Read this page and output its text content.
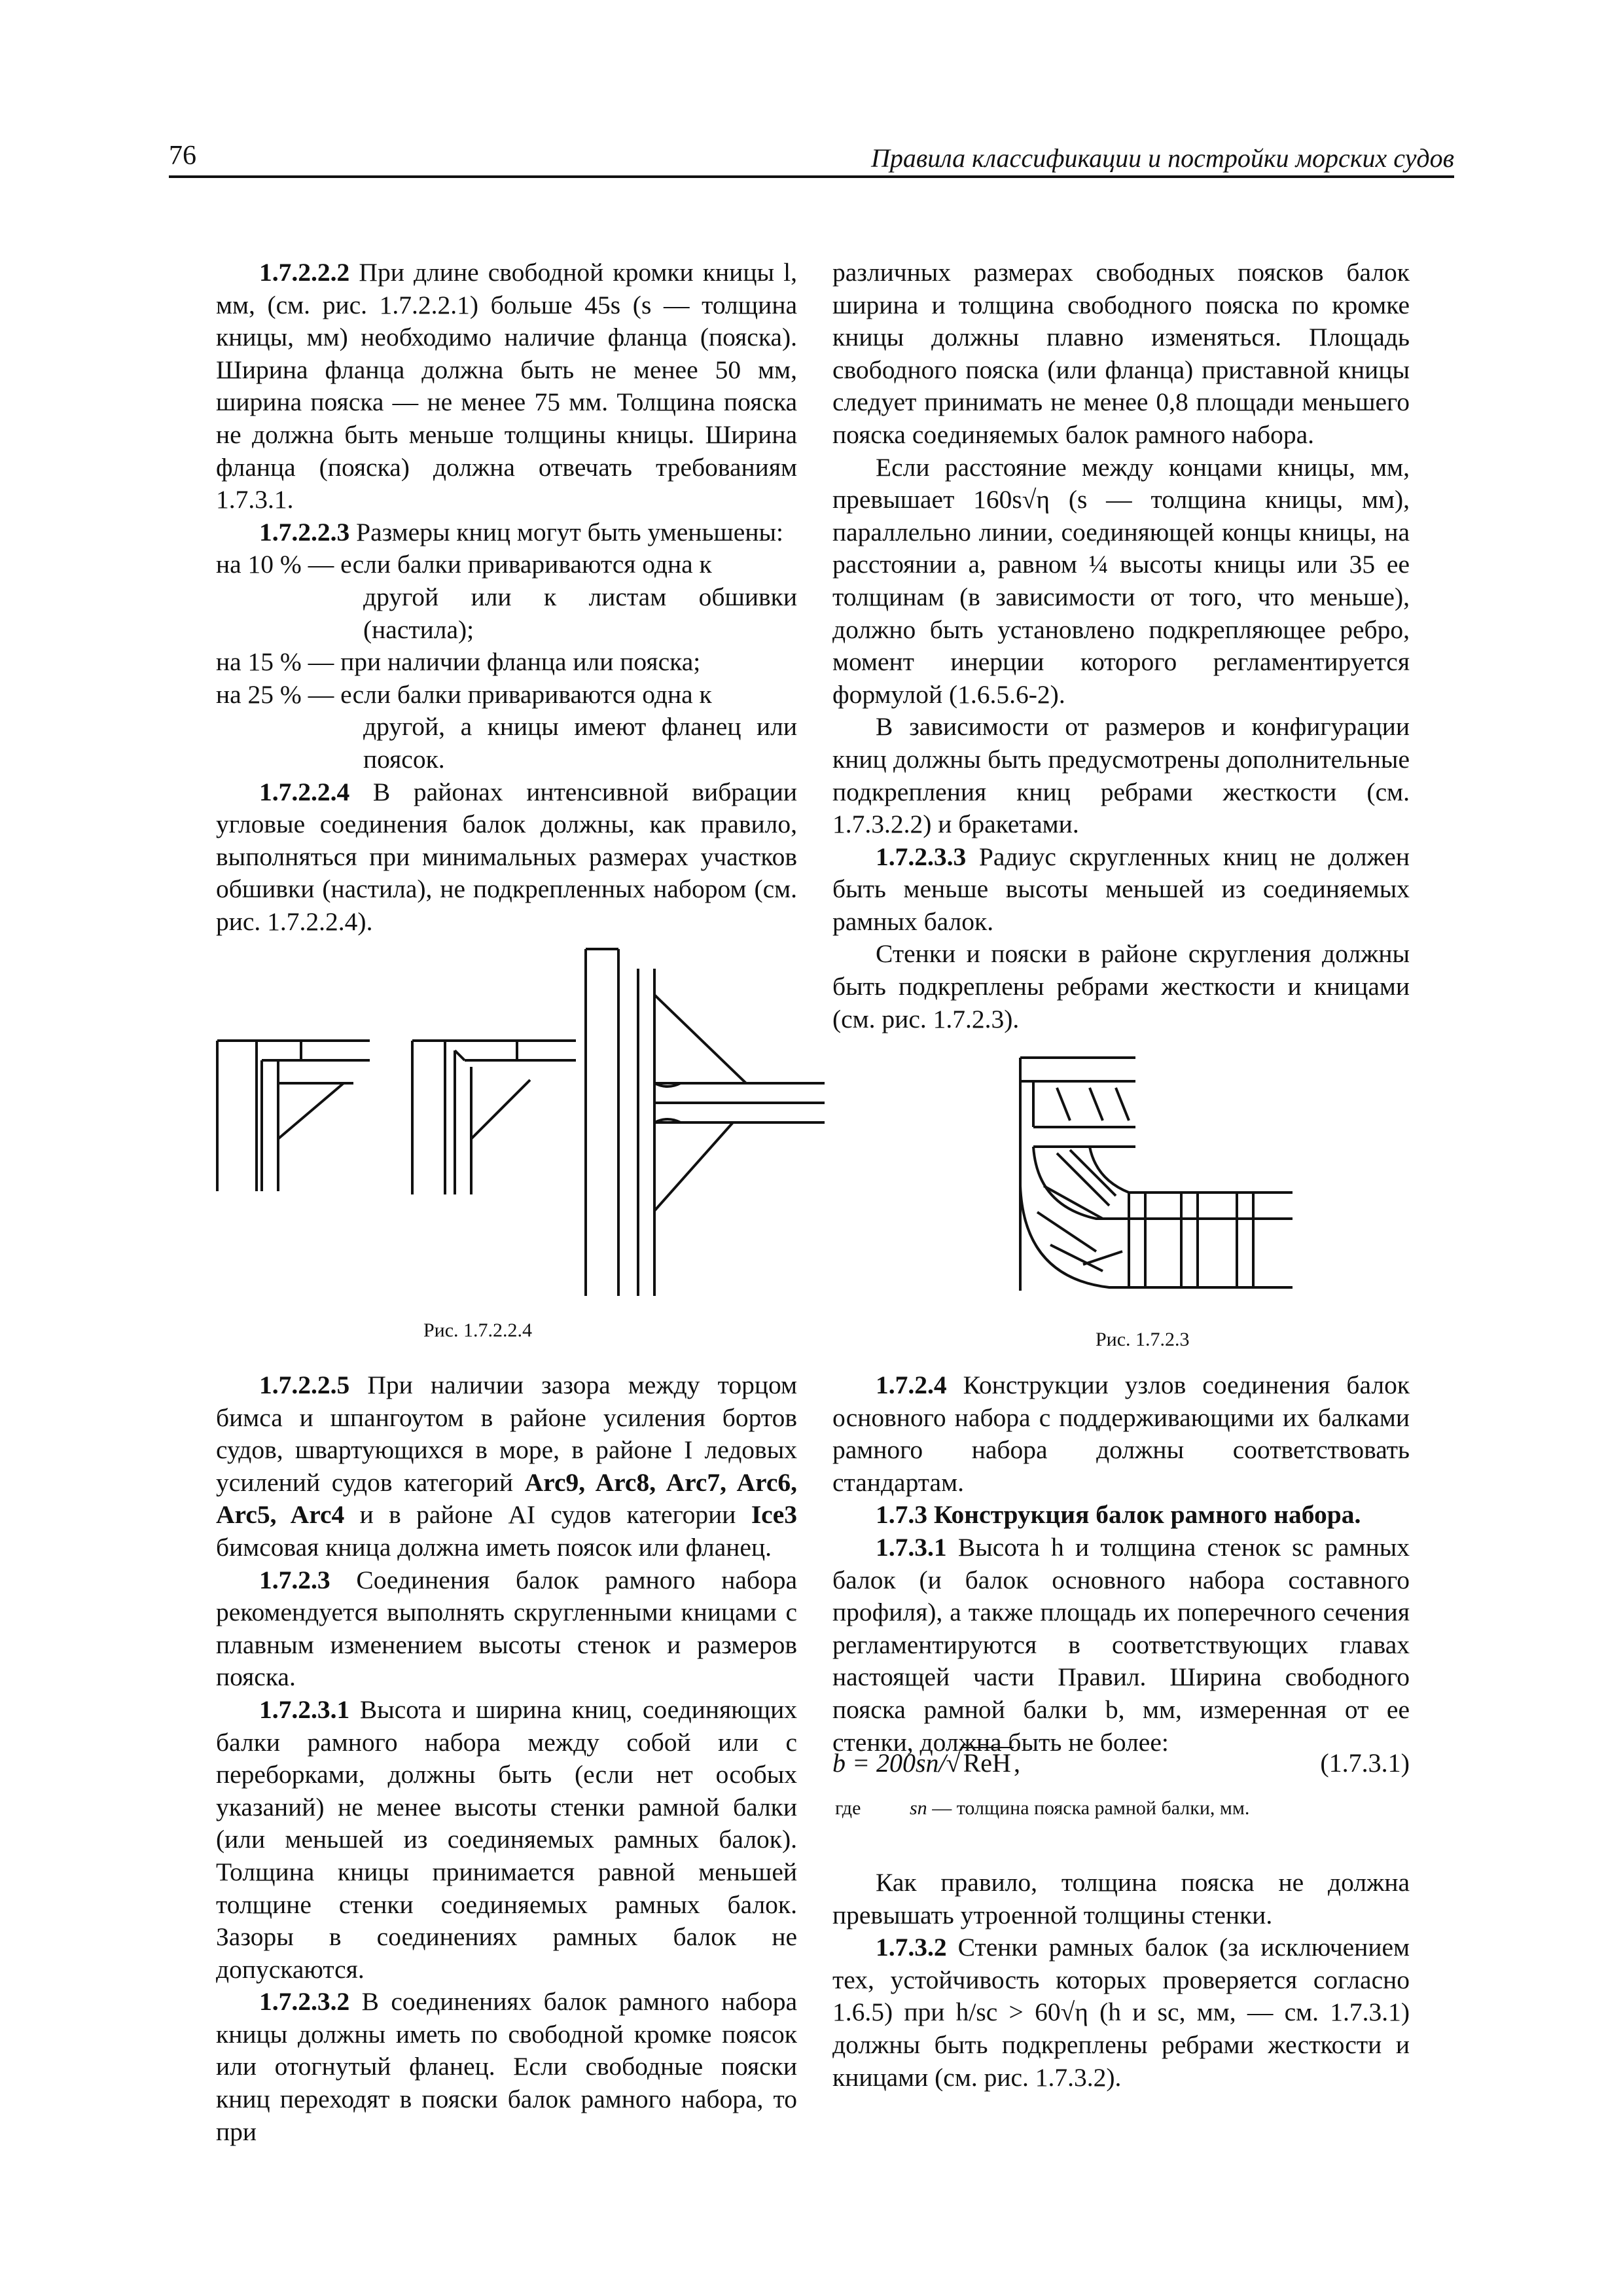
76	Правила классификации и постройки морских судов

1.7.2.2.2 При длине свободной кромки кницы l, мм, (см. рис. 1.7.2.2.1) больше 45s (s — толщина кницы, мм) необходимо наличие фланца (пояска). Ширина фланца должна быть не менее 50 мм, ширина пояска — не менее 75 мм. Толщина пояска не должна быть меньше толщины кницы. Ширина фланца (пояска) должна отвечать требованиям 1.7.3.1.

1.7.2.2.3 Размеры книц могут быть уменьшены:

на 10 % — если балки привариваются одна к
другой или к листам обшивки (настила);
на 15 % — при наличии фланца или пояска;
на 25 % — если балки привариваются одна к
другой, а кницы имеют фланец или поясок.

1.7.2.2.4 В районах интенсивной вибрации угловые соединения балок должны, как правило, выполняться при минимальных размерах участков обшивки (настила), не подкрепленных набором (см. рис. 1.7.2.2.4).

Рис. 1.7.2.2.4

1.7.2.2.5 При наличии зазора между торцом бимса и шпангоутом в районе усиления бортов судов, швартующихся в море, в районе I ледовых усилений судов категорий Arc9, Arc8, Arc7, Arc6, Arc5, Arc4 и в районе AI судов категории Ice3 бимсовая кница должна иметь поясок или фланец.

1.7.2.3 Соединения балок рамного набора рекомендуется выполнять скругленными кницами с плавным изменением высоты стенок и размеров пояска.

1.7.2.3.1 Высота и ширина книц, соединяющих балки рамного набора между собой или с переборками, должны быть (если нет особых указаний) не менее высоты стенки рамной балки (или меньшей из соединяемых рамных балок). Толщина кницы принимается равной меньшей толщине стенки соединяемых рамных балок. Зазоры в соединениях рамных балок не допускаются.

1.7.2.3.2 В соединениях балок рамного набора кницы должны иметь по свободной кромке поясок или отогнутый фланец. Если свободные пояски книц переходят в пояски балок рамного набора, то при

различных размерах свободных поясков балок ширина и толщина свободного пояска по кромке кницы должны плавно изменяться. Площадь свободного пояска (или фланца) приставной кницы следует принимать не менее 0,8 площади меньшего пояска соединяемых балок рамного набора.

Если расстояние между концами кницы, мм, превышает 160s√η (s — толщина кницы, мм), параллельно линии, соединяющей концы кницы, на расстоянии a, равном ¼ высоты кницы или 35 ее толщинам (в зависимости от того, что меньше), должно быть установлено подкрепляющее ребро, момент инерции которого регламентируется формулой (1.6.5.6-2).

В зависимости от размеров и конфигурации книц должны быть предусмотрены дополнительные подкрепления книц ребрами жесткости (см. 1.7.3.2.2) и бракетами.

1.7.2.3.3 Радиус скругленных книц не должен быть меньше высоты меньшей из соединяемых рамных балок.

Стенки и пояски в районе скругления должны быть подкреплены ребрами жесткости и кницами (см. рис. 1.7.2.3).

Рис. 1.7.2.3

1.7.2.4 Конструкции узлов соединения балок основного набора с поддерживающими их балками рамного набора должны соответствовать стандартам.

1.7.3 Конструкция балок рамного набора.

1.7.3.1 Высота h и толщина стенок sc рамных балок (и балок основного набора составного профиля), а также площадь их поперечного сечения регламентируются в соответствующих главах настоящей части Правил. Ширина свободного пояска рамной балки b, мм, измеренная от ее стенки, должна быть не более:

b = 200sп/√ ReH ,	(1.7.3.1)
где sп — толщина пояска рамной балки, мм.

Как правило, толщина пояска не должна превышать утроенной толщины стенки.

1.7.3.2 Стенки рамных балок (за исключением тех, устойчивость которых проверяется согласно 1.6.5) при h/sc > 60√η (h и sc, мм, — см. 1.7.3.1) должны быть подкреплены ребрами жесткости и кницами (см. рис. 1.7.3.2).
